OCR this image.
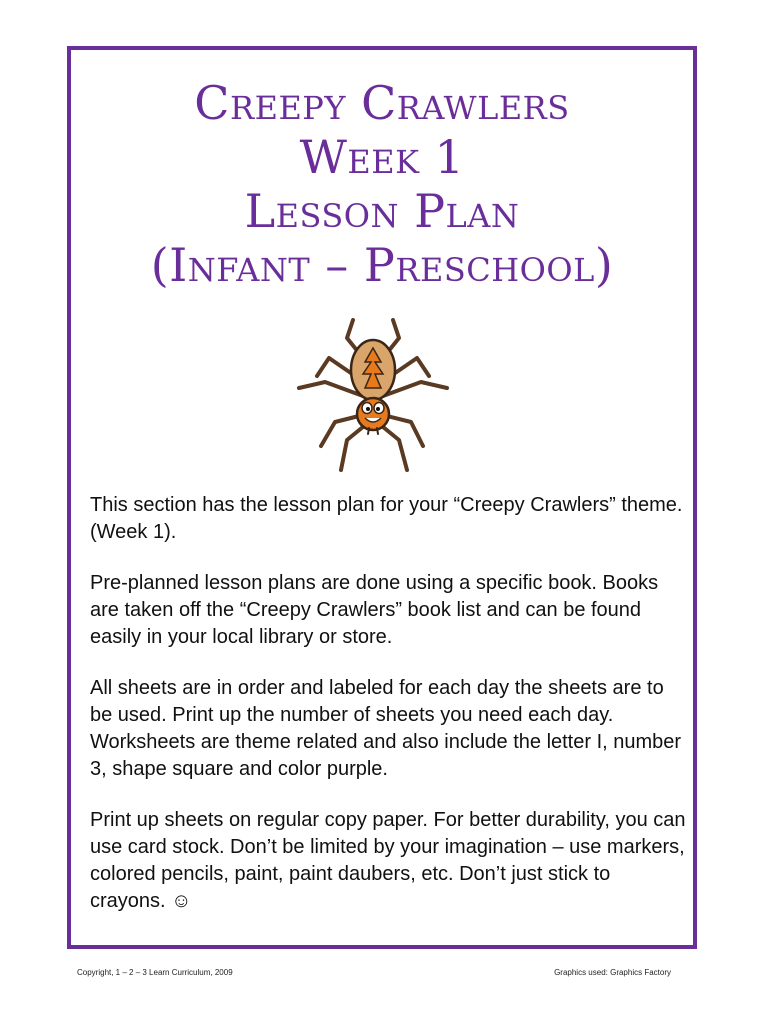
Creepy Crawlers
Week 1
Lesson Plan
(Infant – Preschool)

This section has the lesson plan for your “Creepy Crawlers” theme. (Week 1).

Pre-planned lesson plans are done using a specific book. Books are taken off the “Creepy Crawlers” book list and can be found easily in your local library or store.

All sheets are in order and labeled for each day the sheets are to be used. Print up the number of sheets you need each day. Worksheets are theme related and also include the letter I, number 3, shape square and color purple.

Print up sheets on regular copy paper. For better durability, you can use card stock. Don’t be limited by your imagination – use markers, colored pencils, paint, paint daubers, etc. Don’t just stick to crayons. ☺

Copyright, 1 – 2 – 3 Learn Curriculum, 2009	Graphics used: Graphics Factory
